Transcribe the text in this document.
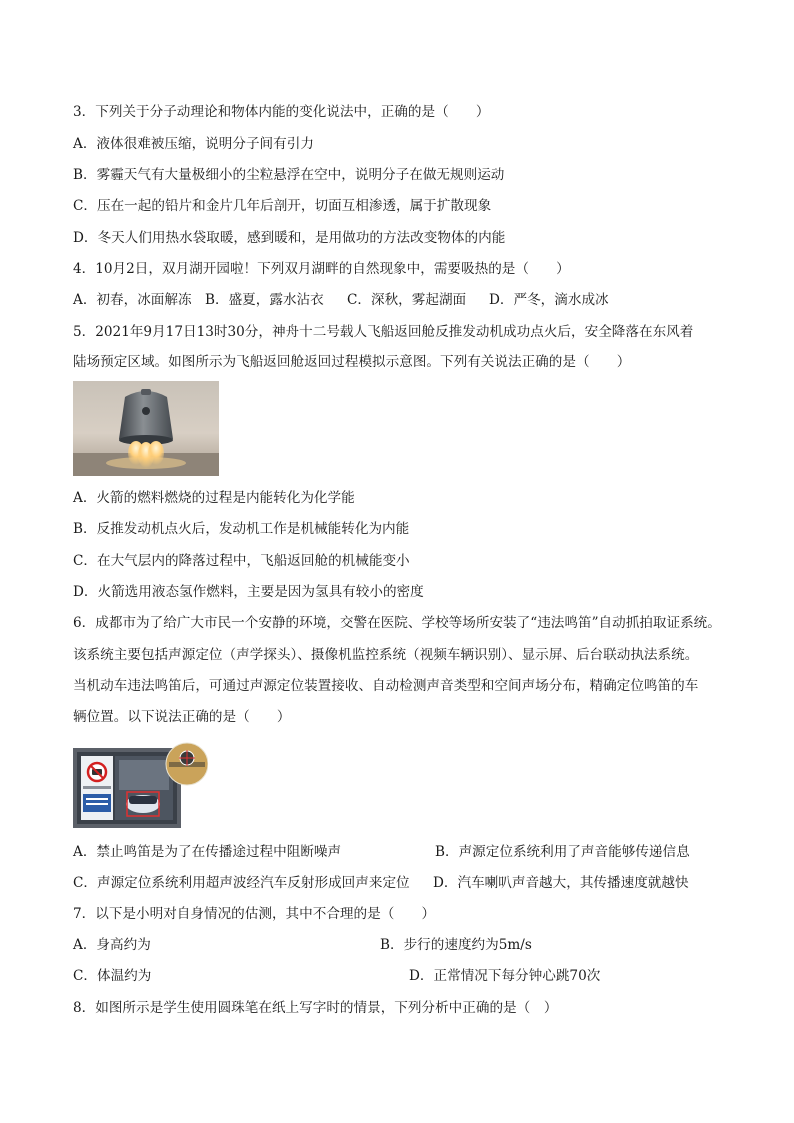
3．下列关于分子动理论和物体内能的变化说法中，正确的是（　　）
A．液体很难被压缩，说明分子间有引力
B．雾霾天气有大量极细小的尘粒悬浮在空中，说明分子在做无规则运动
C．压在一起的铅片和金片几年后剖开，切面互相渗透，属于扩散现象
D．冬天人们用热水袋取暖，感到暖和，是用做功的方法改变物体的内能
4．10月2日，双月湖开园啦！下列双月湖畔的自然现象中，需要吸热的是（　　）
A．初春，冰面解冻 B．盛夏，露水沾衣 C．深秋，雾起湖面 D．严冬，滴水成冰
5．2021年9月17日13时30分，神舟十二号载人飞船返回舱反推发动机成功点火后，安全降落在东风着
陆场预定区域。如图所示为飞船返回舱返回过程模拟示意图。下列有关说法正确的是（　　）
A．火箭的燃料燃烧的过程是内能转化为化学能
B．反推发动机点火后，发动机工作是机械能转化为内能
C．在大气层内的降落过程中，飞船返回舱的机械能变小
D．火箭选用液态氢作燃料，主要是因为氢具有较小的密度
6．成都市为了给广大市民一个安静的环境，交警在医院、学校等场所安装了“违法鸣笛”自动抓拍取证系统。
该系统主要包括声源定位（声学探头）、摄像机监控系统（视频车辆识别）、显示屏、后台联动执法系统。
当机动车违法鸣笛后，可通过声源定位装置接收、自动检测声音类型和空间声场分布，精确定位鸣笛的车
辆位置。以下说法正确的是（　　）
A．禁止鸣笛是为了在传播途过程中阻断噪声	B．声源定位系统利用了声音能够传递信息
C．声源定位系统利用超声波经汽车反射形成回声来定位 D．汽车喇叭声音越大，其传播速度就越快
7．以下是小明对自身情况的估测，其中不合理的是（　　）
A．身高约为	B．步行的速度约为5m/s
C．体温约为	D．正常情况下每分钟心跳70次
8．如图所示是学生使用圆珠笔在纸上写字时的情景，下列分析中正确的是（　）
